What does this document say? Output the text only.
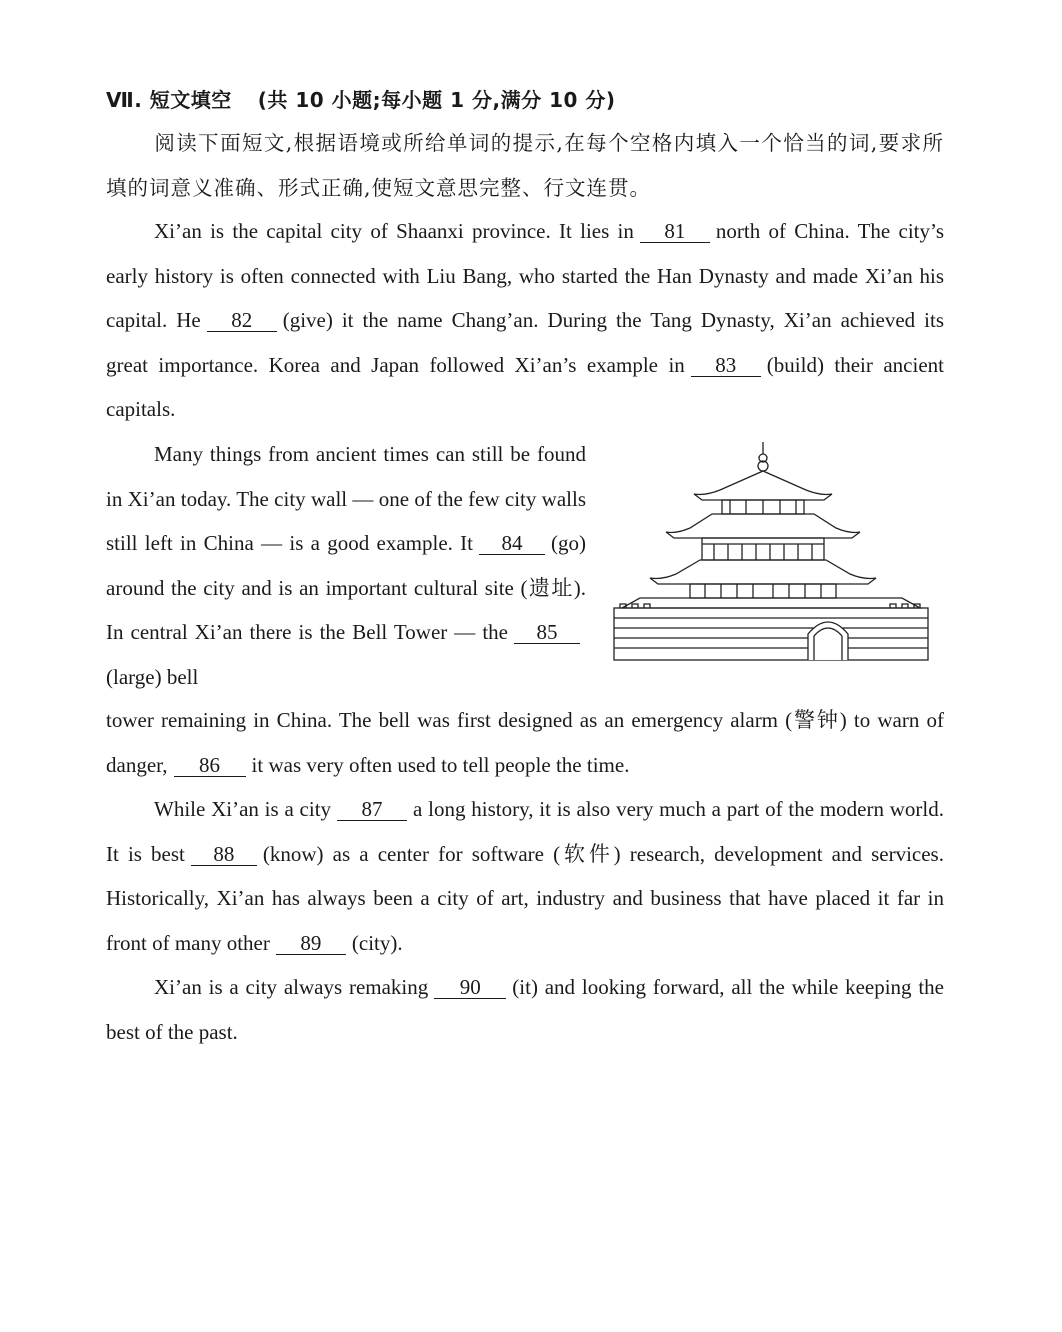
Ⅶ. 短文填空 (共 10 小题;每小题 1 分,满分 10 分)

阅读下面短文,根据语境或所给单词的提示,在每个空格内填入一个恰当的词,要求所填的词意义准确、形式正确,使短文意思完整、行文连贯。

Xi’an is the capital city of Shaanxi province. It lies in 81 north of China. The city’s early history is often connected with Liu Bang, who started the Han Dynasty and made Xi’an his capital. He 82 (give) it the name Chang’an. During the Tang Dynasty, Xi’an achieved its great importance. Korea and Japan followed Xi’an’s example in 83 (build) their ancient capitals.

Many things from ancient times can still be found in Xi’an today. The city wall — one of the few city walls still left in China — is a good example. It 84 (go) around the city and is an important cultural site (遗址). In central Xi’an there is the Bell Tower — the 85(large) bell

tower remaining in China. The bell was first designed as an emergency alarm (警钟) to warn of danger, 86 it was very often used to tell people the time.

While Xi’an is a city 87 a long history, it is also very much a part of the modern world. It is best 88 (know) as a center for software (软件) research, development and services. Historically, Xi’an has always been a city of art, industry and business that have placed it far in front of many other 89 (city).

Xi’an is a city always remaking 90 (it) and looking forward, all the while keeping the best of the past.
